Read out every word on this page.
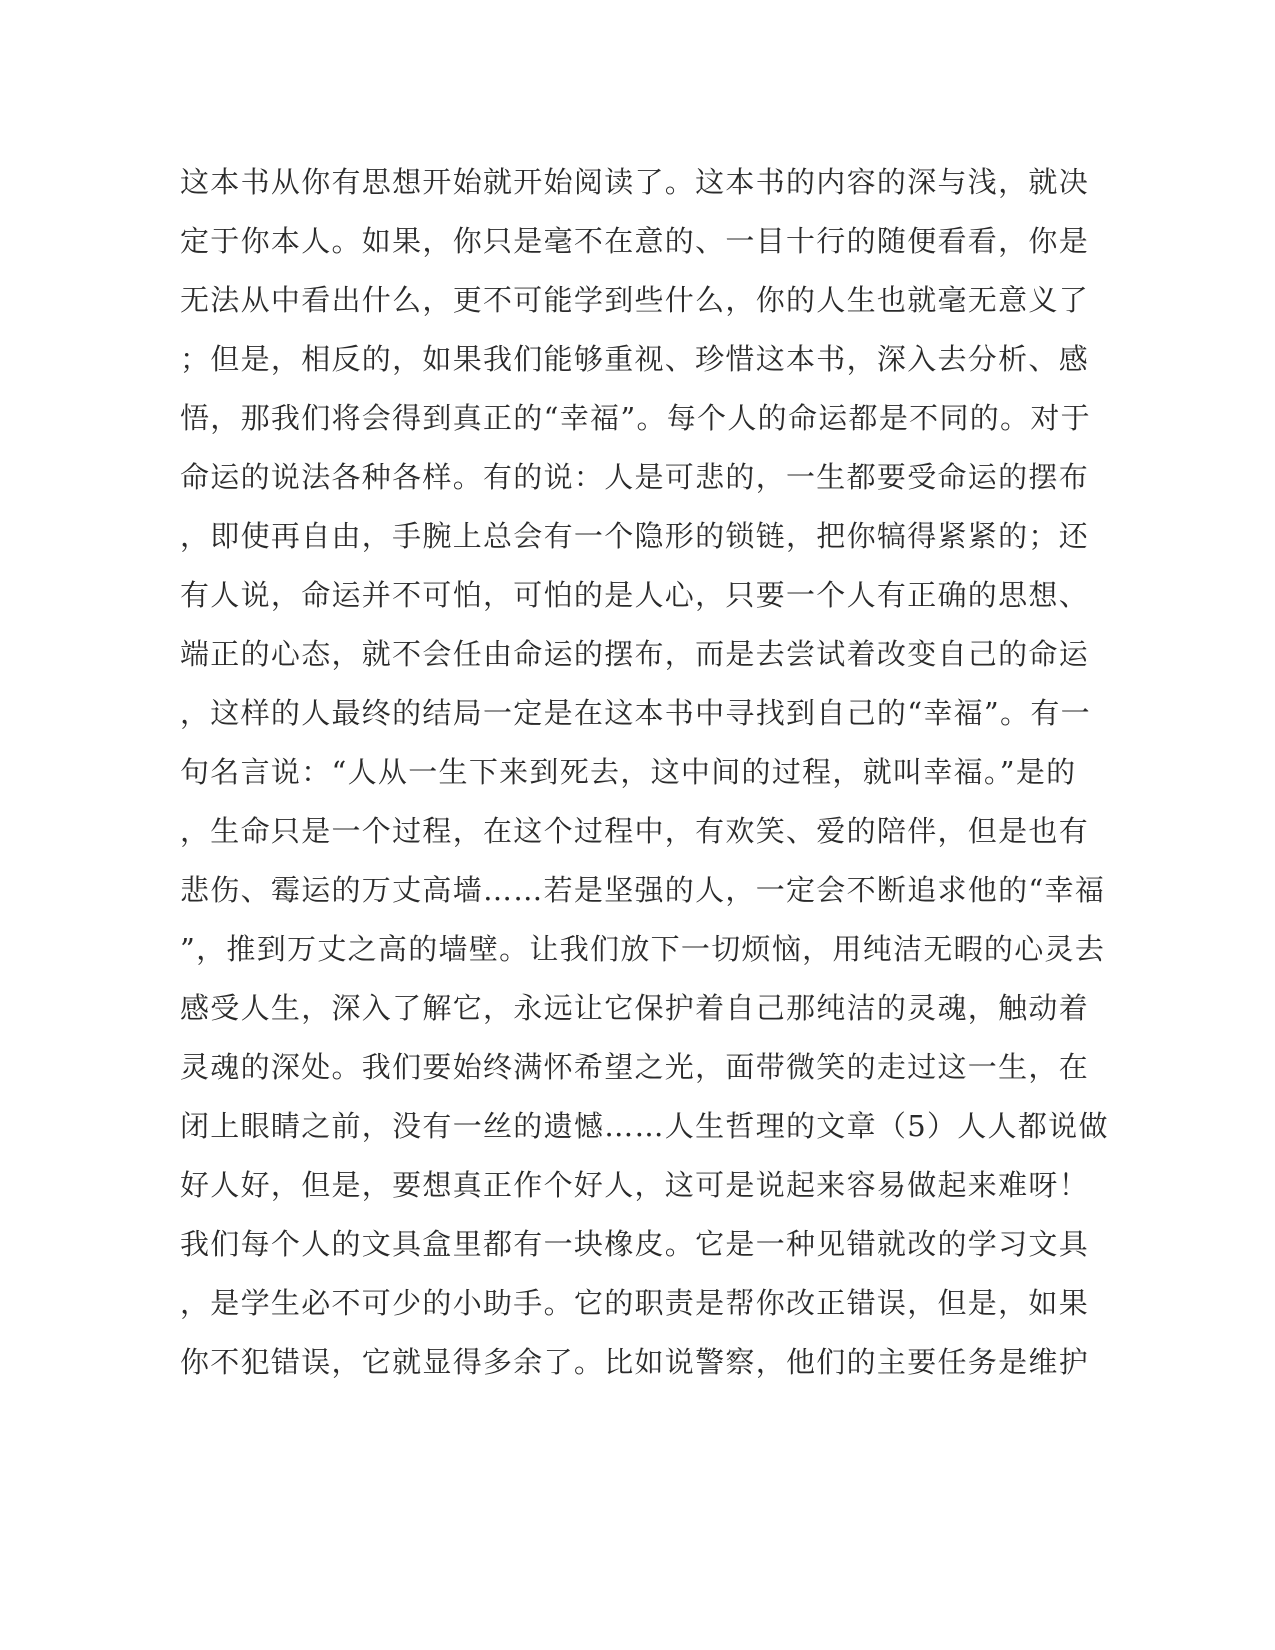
这本书从你有思想开始就开始阅读了。这本书的内容的深与浅，就决
定于你本人。如果，你只是毫不在意的、一目十行的随便看看，你是
无法从中看出什么，更不可能学到些什么，你的人生也就毫无意义了
；但是，相反的，如果我们能够重视、珍惜这本书，深入去分析、感
悟，那我们将会得到真正的“幸福”。每个人的命运都是不同的。对于
命运的说法各种各样。有的说：人是可悲的，一生都要受命运的摆布
，即使再自由，手腕上总会有一个隐形的锁链，把你犒得紧紧的；还
有人说，命运并不可怕，可怕的是人心，只要一个人有正确的思想、
端正的心态，就不会任由命运的摆布，而是去尝试着改变自己的命运
，这样的人最终的结局一定是在这本书中寻找到自己的“幸福”。有一
句名言说：“人从一生下来到死去，这中间的过程，就叫幸福。”是的
，生命只是一个过程，在这个过程中，有欢笑、爱的陪伴，但是也有
悲伤、霉运的万丈高墙……若是坚强的人，一定会不断追求他的“幸福
”，推到万丈之高的墙壁。让我们放下一切烦恼，用纯洁无暇的心灵去
感受人生，深入了解它，永远让它保护着自己那纯洁的灵魂，触动着
灵魂的深处。我们要始终满怀希望之光，面带微笑的走过这一生，在
闭上眼睛之前，没有一丝的遗憾……人生哲理的文章（5）人人都说做
好人好，但是，要想真正作个好人，这可是说起来容易做起来难呀！
我们每个人的文具盒里都有一块橡皮。它是一种见错就改的学习文具
，是学生必不可少的小助手。它的职责是帮你改正错误，但是，如果
你不犯错误，它就显得多余了。比如说警察，他们的主要任务是维护
